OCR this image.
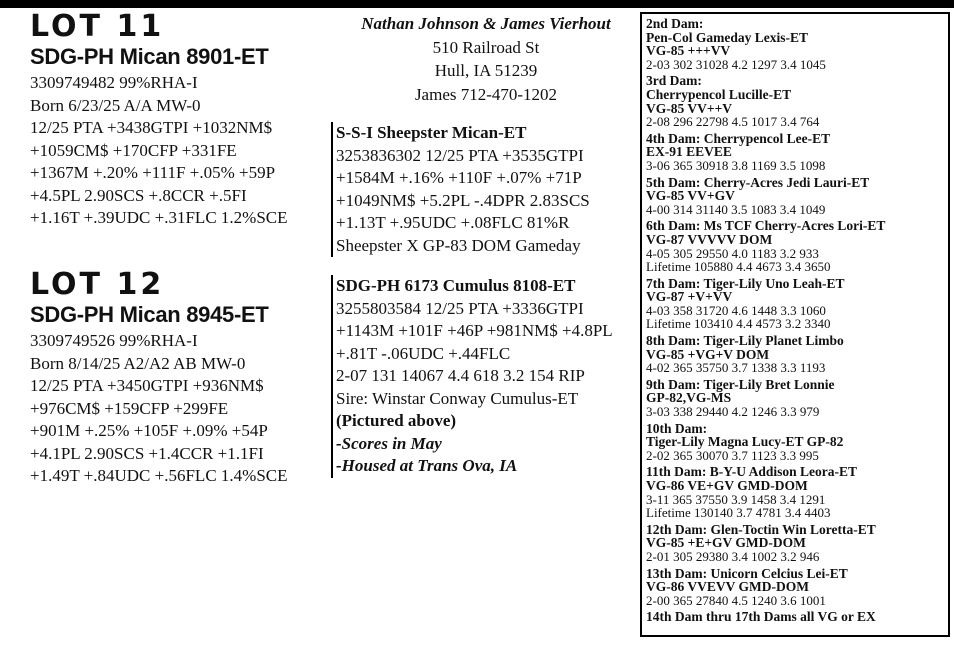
LOT 11
SDG-PH Mican 8901-ET
3309749482 99%RHA-I
Born 6/23/25 A/A MW-0
12/25 PTA +3438GTPI +1032NM$
+1059CM$ +170CFP +331FE
+1367M +.20% +111F +.05% +59P
+4.5PL 2.90SCS +.8CCR +.5FI
+1.16T +.39UDC +.31FLC 1.2%SCE
LOT 12
SDG-PH Mican 8945-ET
3309749526 99%RHA-I
Born 8/14/25 A2/A2 AB MW-0
12/25 PTA +3450GTPI +936NM$
+976CM$ +159CFP +299FE
+901M +.25% +105F +.09% +54P
+4.1PL 2.90SCS +1.4CCR +1.1FI
+1.49T +.84UDC +.56FLC 1.4%SCE
Nathan Johnson & James Vierhout
510 Railroad St
Hull, IA 51239
James 712-470-1202
S-S-I Sheepster Mican-ET
3253836302 12/25 PTA +3535GTPI
+1584M +.16% +110F +.07% +71P
+1049NM$ +5.2PL -.4DPR 2.83SCS
+1.13T +.95UDC +.08FLC 81%R
Sheepster X GP-83 DOM Gameday
SDG-PH 6173 Cumulus 8108-ET
3255803584 12/25 PTA +3336GTPI
+1143M +101F +46P +981NM$ +4.8PL
+.81T -.06UDC +.44FLC
2-07 131 14067 4.4 618 3.2 154 RIP
Sire: Winstar Conway Cumulus-ET
(Pictured above)
-Scores in May
-Housed at Trans Ova, IA
2nd Dam:
Pen-Col Gameday Lexis-ET
VG-85 +++VV
2-03 302 31028 4.2 1297 3.4 1045
3rd Dam:
Cherrypencol Lucille-ET
VG-85 VV++V
2-08 296 22798 4.5 1017 3.4 764
4th Dam: Cherrypencol Lee-ET
EX-91 EEVEE
3-06 365 30918 3.8 1169 3.5 1098
5th Dam: Cherry-Acres Jedi Lauri-ET
VG-85 VV+GV
4-00 314 31140 3.5 1083 3.4 1049
6th Dam: Ms TCF Cherry-Acres Lori-ET
VG-87 VVVVV DOM
4-05 305 29550 4.0 1183 3.2 933
Lifetime 105880 4.4 4673 3.4 3650
7th Dam: Tiger-Lily Uno Leah-ET
VG-87 +V+VV
4-03 358 31720 4.6 1448 3.3 1060
Lifetime 103410 4.4 4573 3.2 3340
8th Dam: Tiger-Lily Planet Limbo
VG-85 +VG+V DOM
4-02 365 35750 3.7 1338 3.3 1193
9th Dam: Tiger-Lily Bret Lonnie
GP-82,VG-MS
3-03 338 29440 4.2 1246 3.3 979
10th Dam:
Tiger-Lily Magna Lucy-ET GP-82
2-02 365 30070 3.7 1123 3.3 995
11th Dam: B-Y-U Addison Leora-ET
VG-86 VE+GV GMD-DOM
3-11 365 37550 3.9 1458 3.4 1291
Lifetime 130140 3.7 4781 3.4 4403
12th Dam: Glen-Toctin Win Loretta-ET
VG-85 +E+GV GMD-DOM
2-01 305 29380 3.4 1002 3.2 946
13th Dam: Unicorn Celcius Lei-ET
VG-86 VVEVV GMD-DOM
2-00 365 27840 4.5 1240 3.6 1001
14th Dam thru 17th Dams all VG or EX
